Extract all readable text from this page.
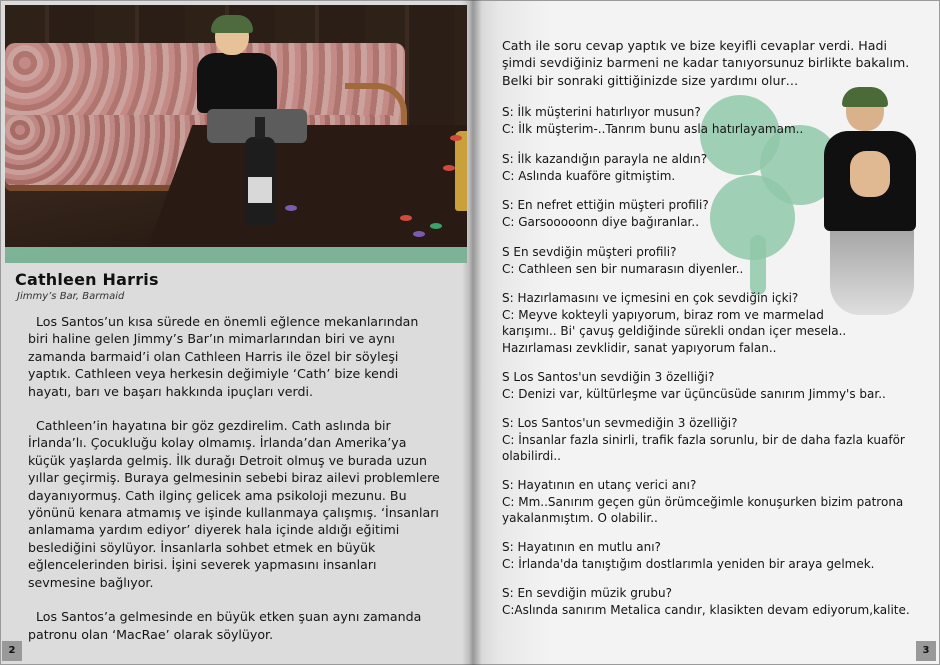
Cathleen Harris
Jimmy’s Bar, Barmaid

Los Santos’un kısa sürede en önemli eğlence mekanlarından biri haline gelen Jimmy’s Bar’ın mimarlarından biri ve aynı zamanda barmaid’i olan Cathleen Harris ile özel bir söyleşi yaptık. Cathleen veya herkesin değimiyle ‘Cath’ bize kendi hayatı, barı ve başarı hakkında ipuçları verdi.

Cathleen’in hayatına bir göz gezdirelim. Cath aslında bir İrlanda’lı. Çocukluğu kolay olmamış. İrlanda’dan Amerika’ya küçük yaşlarda gelmiş. İlk durağı Detroit olmuş ve burada uzun yıllar geçirmiş. Buraya gelmesinin sebebi biraz ailevi problemlere dayanıyormuş. Cath ilginç gelicek ama psikoloji mezunu. Bu yönünü kenara atmamış ve işinde kullanmaya çalışmış. ‘İnsanları anlamama yardım ediyor’ diyerek hala içinde aldığı eğitimi beslediğini söylüyor. İnsanlarla sohbet etmek en büyük eğlencelerinden birisi. İşini severek yapmasını insanları sevmesine bağlıyor.

Los Santos’a gelmesinde en büyük etken şuan aynı zamanda patronu olan ‘MacRae’ olarak söylüyor.

2
Cath ile soru cevap yaptık ve bize keyifli cevaplar verdi. Hadi şimdi sevdiğiniz barmeni ne kadar tanıyorsunuz birlikte bakalım. Belki bir sonraki gittiğinizde size yardımı olur…
S: İlk müşterini hatırlıyor musun?
C: İlk müşterim-..Tanrım bunu asla hatırlayamam..
S: İlk kazandığın parayla ne aldın?
C: Aslında kuaföre gitmiştim.
S: En nefret ettiğin müşteri profili?
C: Garsooooonn diye bağıranlar..
S En sevdiğin müşteri profili?
C: Cathleen sen bir numarasın diyenler..
S: Hazırlamasını ve içmesini en çok sevdiğin içki?
C: Meyve kokteyli yapıyorum, biraz rom ve marmelad karışımı.. Bi' çavuş geldiğinde sürekli ondan içer mesela.. Hazırlaması zevklidir, sanat yapıyorum falan..
S Los Santos'un sevdiğin 3 özelliği?
C: Denizi var, kültürleşme var üçüncüsüde sanırım Jimmy's bar..
S: Los Santos'un sevmediğin 3 özelliği?
C: İnsanlar fazla sinirli, trafik fazla sorunlu, bir de daha fazla kuaför olabilirdi..
S: Hayatının en utanç verici anı?
C: Mm..Sanırım geçen gün örümceğimle konuşurken bizim patrona yakalanmıştım. O olabilir..
S: Hayatının en mutlu anı?
C: İrlanda'da tanıştığım dostlarımla yeniden bir araya gelmek.
S: En sevdiğin müzik grubu?
C:Aslında sanırım Metalica candır, klasikten devam ediyorum,kalite.
3
